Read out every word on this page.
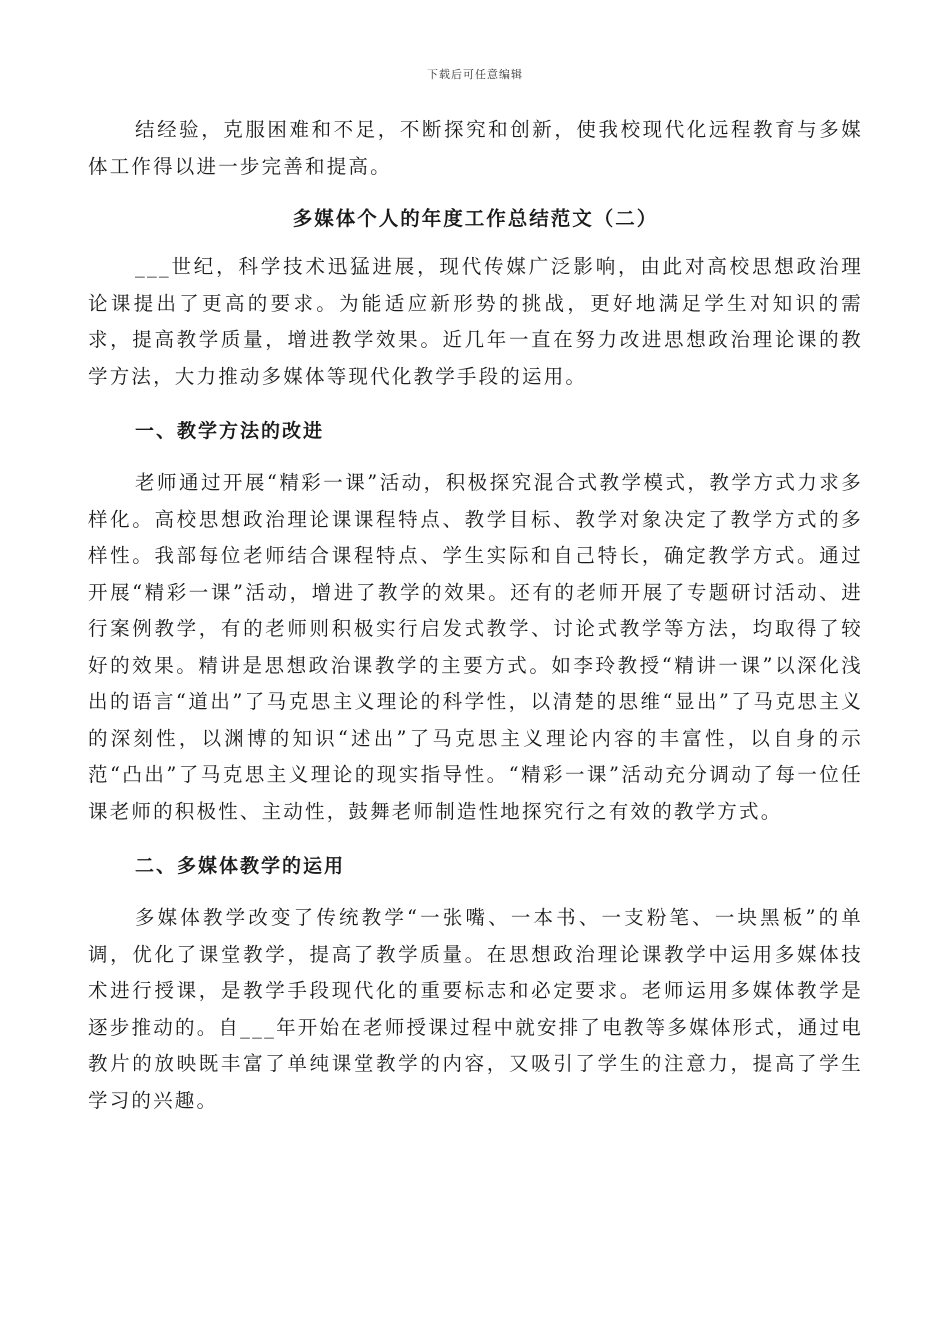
下载后可任意编辑

结经验，克服困难和不足，不断探究和创新，使我校现代化远程教育与多媒体工作得以进一步完善和提高。

多媒体个人的年度工作总结范文（二）

___世纪，科学技术迅猛进展，现代传媒广泛影响，由此对高校思想政治理论课提出了更高的要求。为能适应新形势的挑战，更好地满足学生对知识的需求，提高教学质量，增进教学效果。近几年一直在努力改进思想政治理论课的教学方法，大力推动多媒体等现代化教学手段的运用。

一、教学方法的改进

老师通过开展“精彩一课”活动，积极探究混合式教学模式，教学方式力求多样化。高校思想政治理论课课程特点、教学目标、教学对象决定了教学方式的多样性。我部每位老师结合课程特点、学生实际和自己特长，确定教学方式。通过开展“精彩一课”活动，增进了教学的效果。还有的老师开展了专题研讨活动、进行案例教学，有的老师则积极实行启发式教学、讨论式教学等方法，均取得了较好的效果。精讲是思想政治课教学的主要方式。如李玲教授“精讲一课”以深化浅出的语言“道出”了马克思主义理论的科学性，以清楚的思维“显出”了马克思主义的深刻性，以渊博的知识“述出”了马克思主义理论内容的丰富性，以自身的示范“凸出”了马克思主义理论的现实指导性。“精彩一课”活动充分调动了每一位任课老师的积极性、主动性，鼓舞老师制造性地探究行之有效的教学方式。

二、多媒体教学的运用

多媒体教学改变了传统教学“一张嘴、一本书、一支粉笔、一块黑板”的单调，优化了课堂教学，提高了教学质量。在思想政治理论课教学中运用多媒体技术进行授课，是教学手段现代化的重要标志和必定要求。老师运用多媒体教学是逐步推动的。自___年开始在老师授课过程中就安排了电教等多媒体形式，通过电教片的放映既丰富了单纯课堂教学的内容，又吸引了学生的注意力，提高了学生学习的兴趣。
